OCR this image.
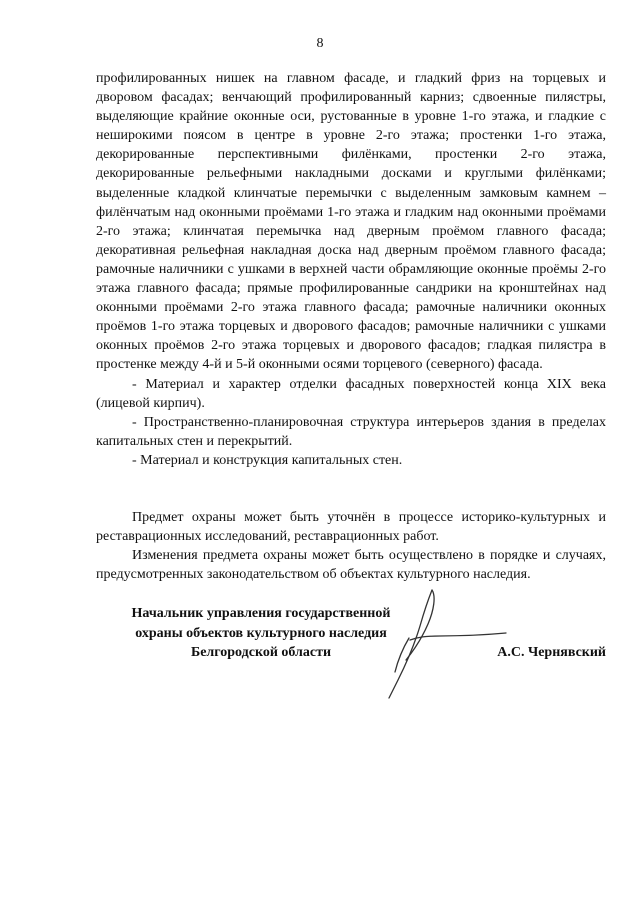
8

профилированных нишек на главном фасаде, и гладкий фриз на торцевых и дворовом фасадах; венчающий профилированный карниз; сдвоенные пилястры, выделяющие крайние оконные оси, рустованные в уровне 1-го этажа, и гладкие с неширокими поясом в центре в уровне 2-го этажа; простенки 1-го этажа, декорированные перспективными филёнками, простенки 2-го этажа, декорированные рельефными накладными досками и круглыми филёнками; выделенные кладкой клинчатые перемычки с выделенным замковым камнем – филёнчатым над оконными проёмами 1-го этажа и гладким над оконными проёмами 2-го этажа; клинчатая перемычка над дверным проёмом главного фасада; декоративная рельефная накладная доска над дверным проёмом главного фасада; рамочные наличники с ушками в верхней части обрамляющие оконные проёмы 2-го этажа главного фасада; прямые профилированные сандрики на кронштейнах над оконными проёмами 2-го этажа главного фасада; рамочные наличники оконных проёмов 1-го этажа торцевых и дворового фасадов; рамочные наличники с ушками оконных проёмов 2-го этажа торцевых и дворового фасадов; гладкая пилястра в простенке между 4-й и 5-й оконными осями торцевого (северного) фасада.

- Материал и характер отделки фасадных поверхностей конца XIX века (лицевой кирпич).

- Пространственно-планировочная структура интерьеров здания в пределах капитальных стен и перекрытий.

- Материал и конструкция капитальных стен.

Предмет охраны может быть уточнён в процессе историко-культурных и реставрационных исследований, реставрационных работ.

Изменения предмета охраны может быть осуществлено в порядке и случаях, предусмотренных законодательством об объектах культурного наследия.

Начальник управления государственной
охраны объектов культурного наследия
Белгородской области	А.С. Чернявский
